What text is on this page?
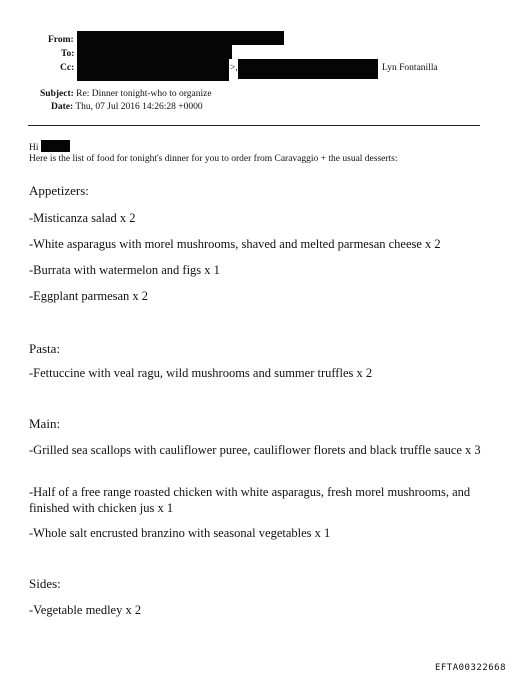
From:
To:
Cc:	>,	Lyn Fontanilla
Subject: Re: Dinner tonight-who to organize
Date: Thu, 07 Jul 2016 14:26:28 +0000
Hi
Here is the list of food for tonight's dinner for you to order from Caravaggio + the usual desserts:
Appetizers:
-Misticanza salad x 2
-White asparagus with morel mushrooms, shaved and melted parmesan cheese x 2
-Burrata with watermelon and figs x 1
-Eggplant parmesan x 2
Pasta:
-Fettuccine with veal ragu, wild mushrooms and summer truffles x 2
Main:
-Grilled sea scallops with cauliflower puree, cauliflower florets and black truffle sauce x 3
-Half of a free range roasted chicken with white asparagus, fresh morel mushrooms, and finished with chicken jus x 1
-Whole salt encrusted branzino with seasonal vegetables x 1
Sides:
-Vegetable medley x 2
EFTA00322668
